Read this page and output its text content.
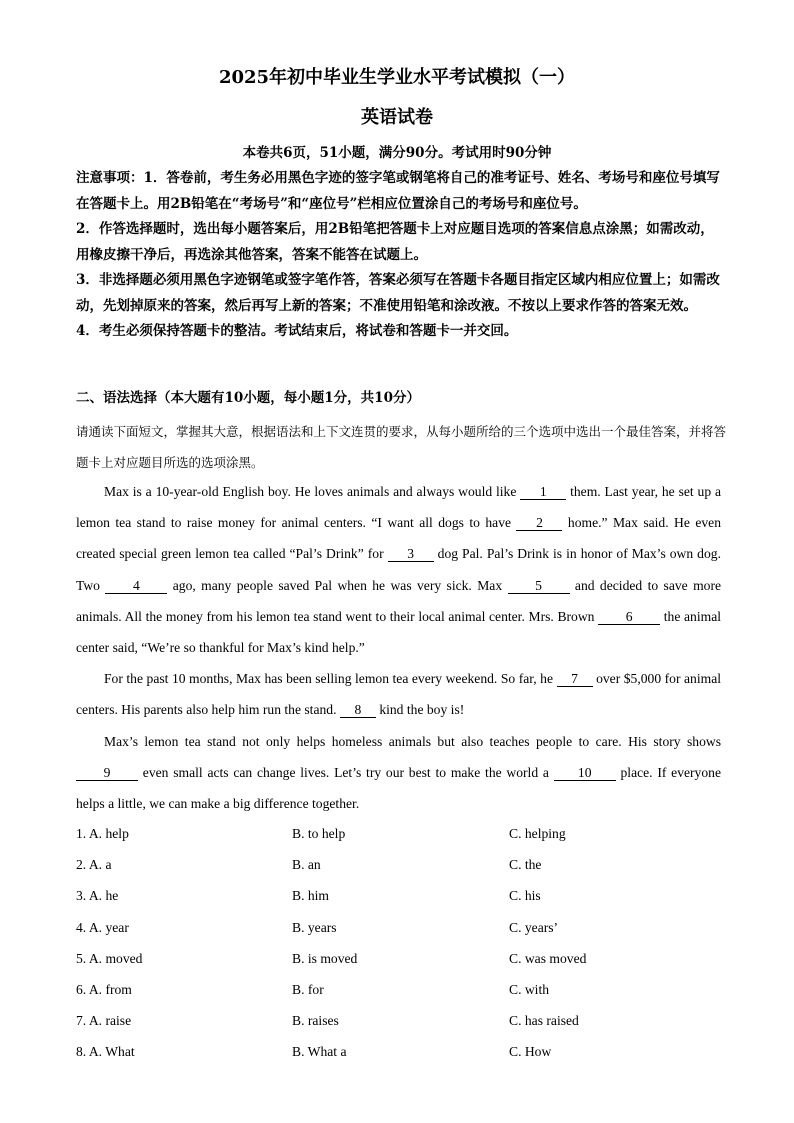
2025年初中毕业生学业水平考试模拟（一）
英语试卷
本卷共6页，51小题，满分90分。考试用时90分钟

注意事项：1．答卷前，考生务必用黑色字迹的签字笔或钢笔将自己的准考证号、姓名、考场号和座位号填写在答题卡上。用2B铅笔在“考场号”和“座位号”栏相应位置涂自己的考场号和座位号。

2．作答选择题时，选出每小题答案后，用2B铅笔把答题卡上对应题目选项的答案信息点涂黑；如需改动，用橡皮擦干净后，再选涂其他答案，答案不能答在试题上。

3．非选择题必须用黑色字迹钢笔或签字笔作答，答案必须写在答题卡各题目指定区域内相应位置上；如需改动，先划掉原来的答案，然后再写上新的答案；不准使用铅笔和涂改液。不按以上要求作答的答案无效。

4．考生必须保持答题卡的整洁。考试结束后，将试卷和答题卡一并交回。

二、语法选择（本大题有10小题，每小题1分，共10分）

请通读下面短文，掌握其大意，根据语法和上下文连贯的要求，从每小题所给的三个选项中选出一个最佳答案，并将答题卡上对应题目所选的选项涂黑。

Max is a 10-year-old English boy. He loves animals and always would like 1 them. Last year, he set up a lemon tea stand to raise money for animal centers. “I want all dogs to have 2 home.” Max said. He even created special green lemon tea called “Pal’s Drink” for 3 dog Pal. Pal’s Drink is in honor of Max’s own dog. Two 4 ago, many people saved Pal when he was very sick. Max 5 and decided to save more animals. All the money from his lemon tea stand went to their local animal center. Mrs. Brown 6 the animal center said, “We’re so thankful for Max’s kind help.”

For the past 10 months, Max has been selling lemon tea every weekend. So far, he 7 over $5,000 for animal centers. His parents also help him run the stand. 8 kind the boy is!

Max’s lemon tea stand not only helps homeless animals but also teaches people to care. His story shows 9 even small acts can change lives. Let’s try our best to make the world a 10 place. If everyone helps a little, we can make a big difference together.

1. A. help	B. to help	C. helping
2. A. a	B. an	C. the
3. A. he	B. him	C. his
4. A. year	B. years	C. years’
5. A. moved	B. is moved	C. was moved
6. A. from	B. for	C. with
7. A. raise	B. raises	C. has raised
8. A. What	B. What a	C. How
